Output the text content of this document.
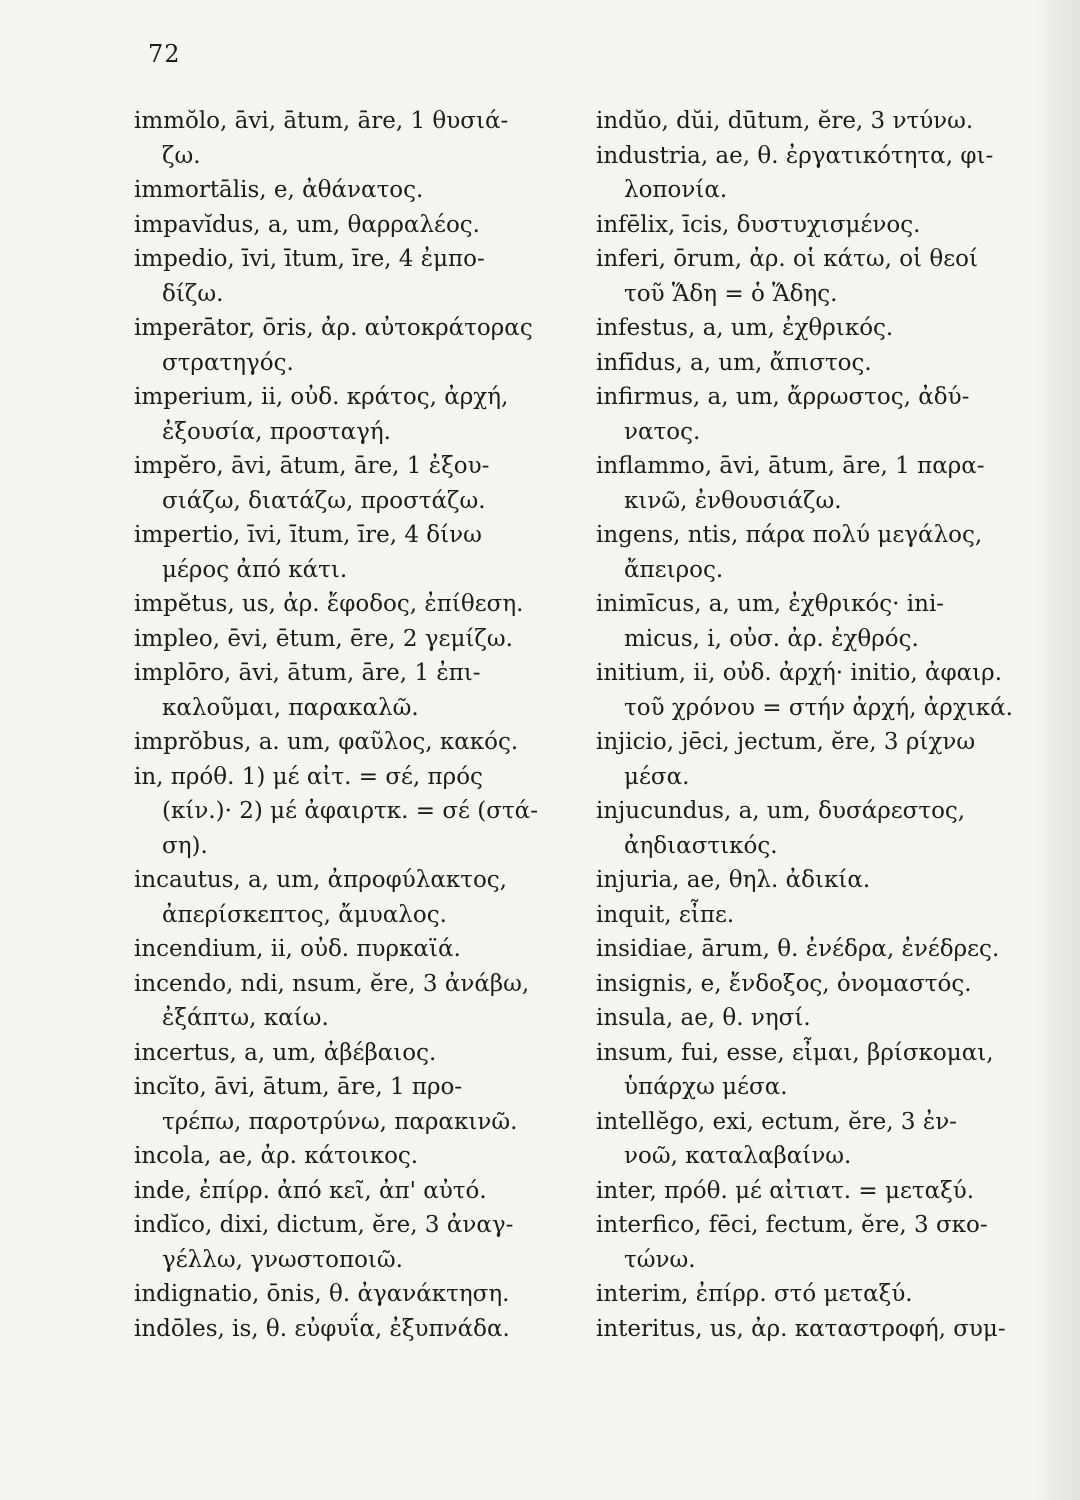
72
immŏlo, āvi, ātum, āre, 1 θυσιά-
ζω.
immortālis, e, ἀθάνατος.
impavĭdus, a, um, θαρραλέος.
impedio, īvi, ītum, īre, 4 ἐμπο-
δίζω.
imperātor, ōris, ἀρ. αὐτοκράτορας
στρατηγός.
imperium, ii, οὐδ. κράτος, ἀρχή,
ἐξουσία, προσταγή.
impĕro, āvi, ātum, āre, 1 ἐξου-
σιάζω, διατάζω, προστάζω.
impertio, īvi, ītum, īre, 4 δίνω
μέρος ἀπό κάτι.
impĕtus, us, ἀρ. ἔφοδος, ἐπίθεση.
impleo, ēvi, ētum, ēre, 2 γεμίζω.
implōro, āvi, ātum, āre, 1 ἐπι-
καλοῦμαι, παρακαλῶ.
imprŏbus, a. um, φαῦλος, κακός.
in, πρόθ. 1) μέ αἰτ. = σέ, πρός
(κίν.)· 2) μέ ἀφαιρτκ. = σέ (στά-
ση).
incautus, a, um, ἀπροφύλακτος,
ἀπερίσκεπτος, ἄμυαλος.
incendium, ii, οὐδ. πυρκαϊά.
incendo, ndi, nsum, ĕre, 3 ἀνάβω,
ἐξάπτω, καίω.
incertus, a, um, ἀβέβαιος.
incĭto, āvi, ātum, āre, 1 προ-
τρέπω, παροτρύνω, παρακινῶ.
incola, ae, ἀρ. κάτοικος.
inde, ἐπίρρ. ἀπό κεῖ, ἀπ' αὐτό.
indĭco, dixi, dictum, ĕre, 3 ἀναγ-
γέλλω, γνωστοποιῶ.
indignatio, ōnis, θ. ἀγανάκτηση.
indōles, is, θ. εὐφυΐα, ἐξυπνάδα.
indŭo, dŭi, dūtum, ĕre, 3 ντύνω.
industria, ae, θ. ἐργατικότητα, φι-
λοπονία.
infēlix, īcis, δυστυχισμένος.
inferi, ōrum, ἀρ. οἱ κάτω, οἱ θεοί
τοῦ Ἅδη = ὁ Ἅδης.
infestus, a, um, ἐχθρικός.
infīdus, a, um, ἄπιστος.
infirmus, a, um, ἄρρωστος, ἀδύ-
νατος.
inflammo, āvi, ātum, āre, 1 παρα-
κινῶ, ἐνθουσιάζω.
ingens, ntis, πάρα πολύ μεγάλος,
ἄπειρος.
inimīcus, a, um, ἐχθρικός· ini-
micus, i, οὐσ. ἀρ. ἐχθρός.
initium, ii, οὐδ. ἀρχή· initio, ἀφαιρ.
τοῦ χρόνου = στήν ἀρχή, ἀρχικά.
injicio, jēci, jectum, ĕre, 3 ρίχνω
μέσα.
injucundus, a, um, δυσάρεστος,
ἀηδιαστικός.
injuria, ae, θηλ. ἀδικία.
inquit, εἶπε.
insidiae, ārum, θ. ἐνέδρα, ἐνέδρες.
insignis, e, ἔνδοξος, ὀνομαστός.
insula, ae, θ. νησί.
insum, fui, esse, εἶμαι, βρίσκομαι,
ὑπάρχω μέσα.
intellĕgo, exi, ectum, ĕre, 3 ἐν-
νοῶ, καταλαβαίνω.
inter, πρόθ. μέ αἰτιατ. = μεταξύ.
interfico, fēci, fectum, ĕre, 3 σκο-
τώνω.
interim, ἐπίρρ. στό μεταξύ.
interitus, us, ἀρ. καταστροφή, συμ-
